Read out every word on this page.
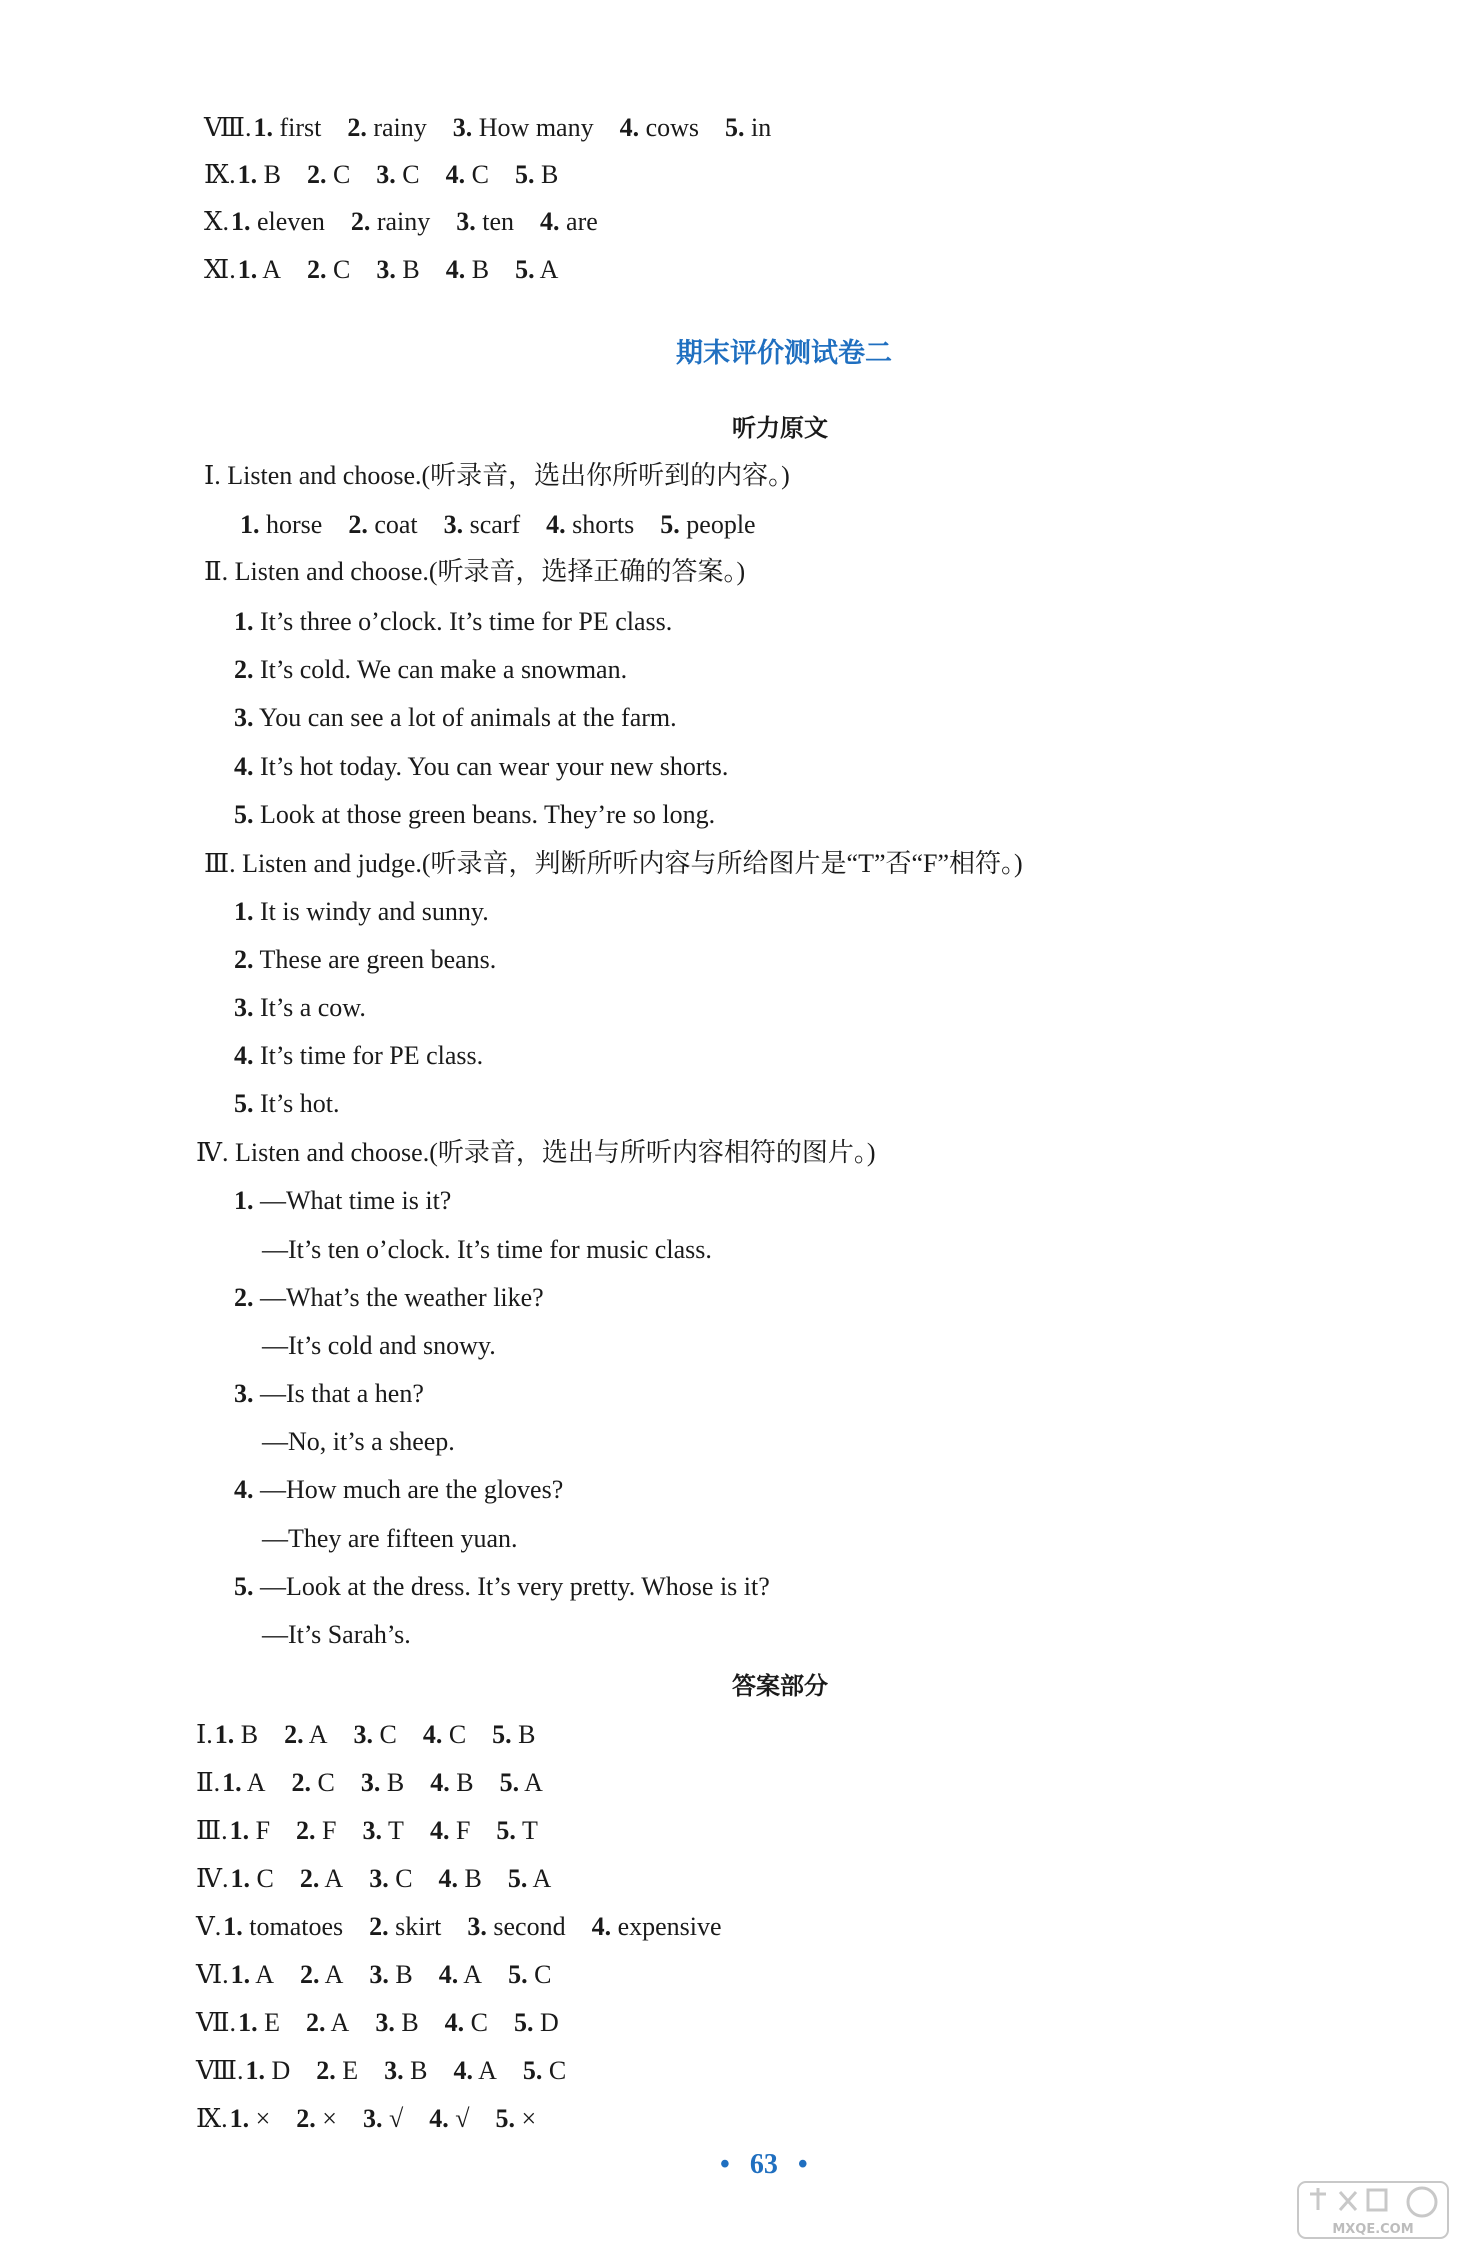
Ⅷ.1. first 2. rainy 3. How many 4. cows 5. in
Ⅸ.1. B 2. C 3. C 4. C 5. B
Ⅹ.1. eleven 2. rainy 3. ten 4. are
Ⅺ.1. A 2. C 3. B 4. B 5. A
期末评价测试卷二
听力原文
Ⅰ. Listen and choose.(听录音，选出你所听到的内容。)
1. horse 2. coat 3. scarf 4. shorts 5. people
Ⅱ. Listen and choose.(听录音，选择正确的答案。)
1. It’s three o’clock. It’s time for PE class.
2. It’s cold. We can make a snowman.
3. You can see a lot of animals at the farm.
4. It’s hot today. You can wear your new shorts.
5. Look at those green beans. They’re so long.
Ⅲ. Listen and judge.(听录音，判断所听内容与所给图片是“T”否“F”相符。)
1. It is windy and sunny.
2. These are green beans.
3. It’s a cow.
4. It’s time for PE class.
5. It’s hot.
Ⅳ. Listen and choose.(听录音，选出与所听内容相符的图片。)
1. —What time is it?
—It’s ten o’clock. It’s time for music class.
2. —What’s the weather like?
—It’s cold and snowy.
3. —Is that a hen?
—No, it’s a sheep.
4. —How much are the gloves?
—They are fifteen yuan.
5. —Look at the dress. It’s very pretty. Whose is it?
—It’s Sarah’s.
答案部分
Ⅰ.1. B 2. A 3. C 4. C 5. B
Ⅱ.1. A 2. C 3. B 4. B 5. A
Ⅲ.1. F 2. F 3. T 4. F 5. T
Ⅳ.1. C 2. A 3. C 4. B 5. A
Ⅴ.1. tomatoes 2. skirt 3. second 4. expensive
Ⅵ.1. A 2. A 3. B 4. A 5. C
Ⅶ.1. E 2. A 3. B 4. C 5. D
Ⅷ.1. D 2. E 3. B 4. A 5. C
Ⅸ.1. × 2. × 3. √ 4. √ 5. ×
• 63 •
MXQE.COM
